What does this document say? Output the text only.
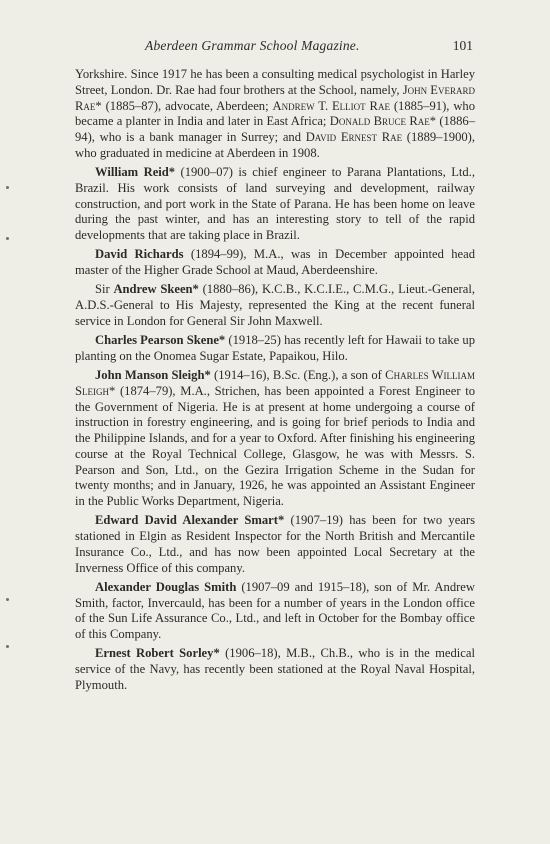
Aberdeen Grammar School Magazine.	101

Yorkshire. Since 1917 he has been a consulting medical psychologist in Harley Street, London. Dr. Rae had four brothers at the School, namely, John Everard Rae* (1885–87), advocate, Aberdeen; Andrew T. Elliot Rae (1885–91), who became a planter in India and later in East Africa; Donald Bruce Rae* (1886–94), who is a bank manager in Surrey; and David Ernest Rae (1889–1900), who graduated in medicine at Aberdeen in 1908.

William Reid* (1900–07) is chief engineer to Parana Plantations, Ltd., Brazil. His work consists of land surveying and development, railway construction, and port work in the State of Parana. He has been home on leave during the past winter, and has an interesting story to tell of the rapid developments that are taking place in Brazil.

David Richards (1894–99), M.A., was in December appointed head master of the Higher Grade School at Maud, Aberdeenshire.

Sir Andrew Skeen* (1880–86), K.C.B., K.C.I.E., C.M.G., Lieut.-General, A.D.S.-General to His Majesty, represented the King at the recent funeral service in London for General Sir John Maxwell.

Charles Pearson Skene* (1918–25) has recently left for Hawaii to take up planting on the Onomea Sugar Estate, Papaikou, Hilo.

John Manson Sleigh* (1914–16), B.Sc. (Eng.), a son of Charles William Sleigh* (1874–79), M.A., Strichen, has been appointed a Forest Engineer to the Government of Nigeria. He is at present at home undergoing a course of instruction in forestry engineering, and is going for brief periods to India and the Philippine Islands, and for a year to Oxford. After finishing his engineering course at the Royal Technical College, Glasgow, he was with Messrs. S. Pearson and Son, Ltd., on the Gezira Irrigation Scheme in the Sudan for twenty months; and in January, 1926, he was appointed an Assistant Engineer in the Public Works Department, Nigeria.

Edward David Alexander Smart* (1907–19) has been for two years stationed in Elgin as Resident Inspector for the North British and Mercantile Insurance Co., Ltd., and has now been appointed Local Secretary at the Inverness Office of this company.

Alexander Douglas Smith (1907–09 and 1915–18), son of Mr. Andrew Smith, factor, Invercauld, has been for a number of years in the London office of the Sun Life Assurance Co., Ltd., and left in October for the Bombay office of this Company.

Ernest Robert Sorley* (1906–18), M.B., Ch.B., who is in the medical service of the Navy, has recently been stationed at the Royal Naval Hospital, Plymouth.
